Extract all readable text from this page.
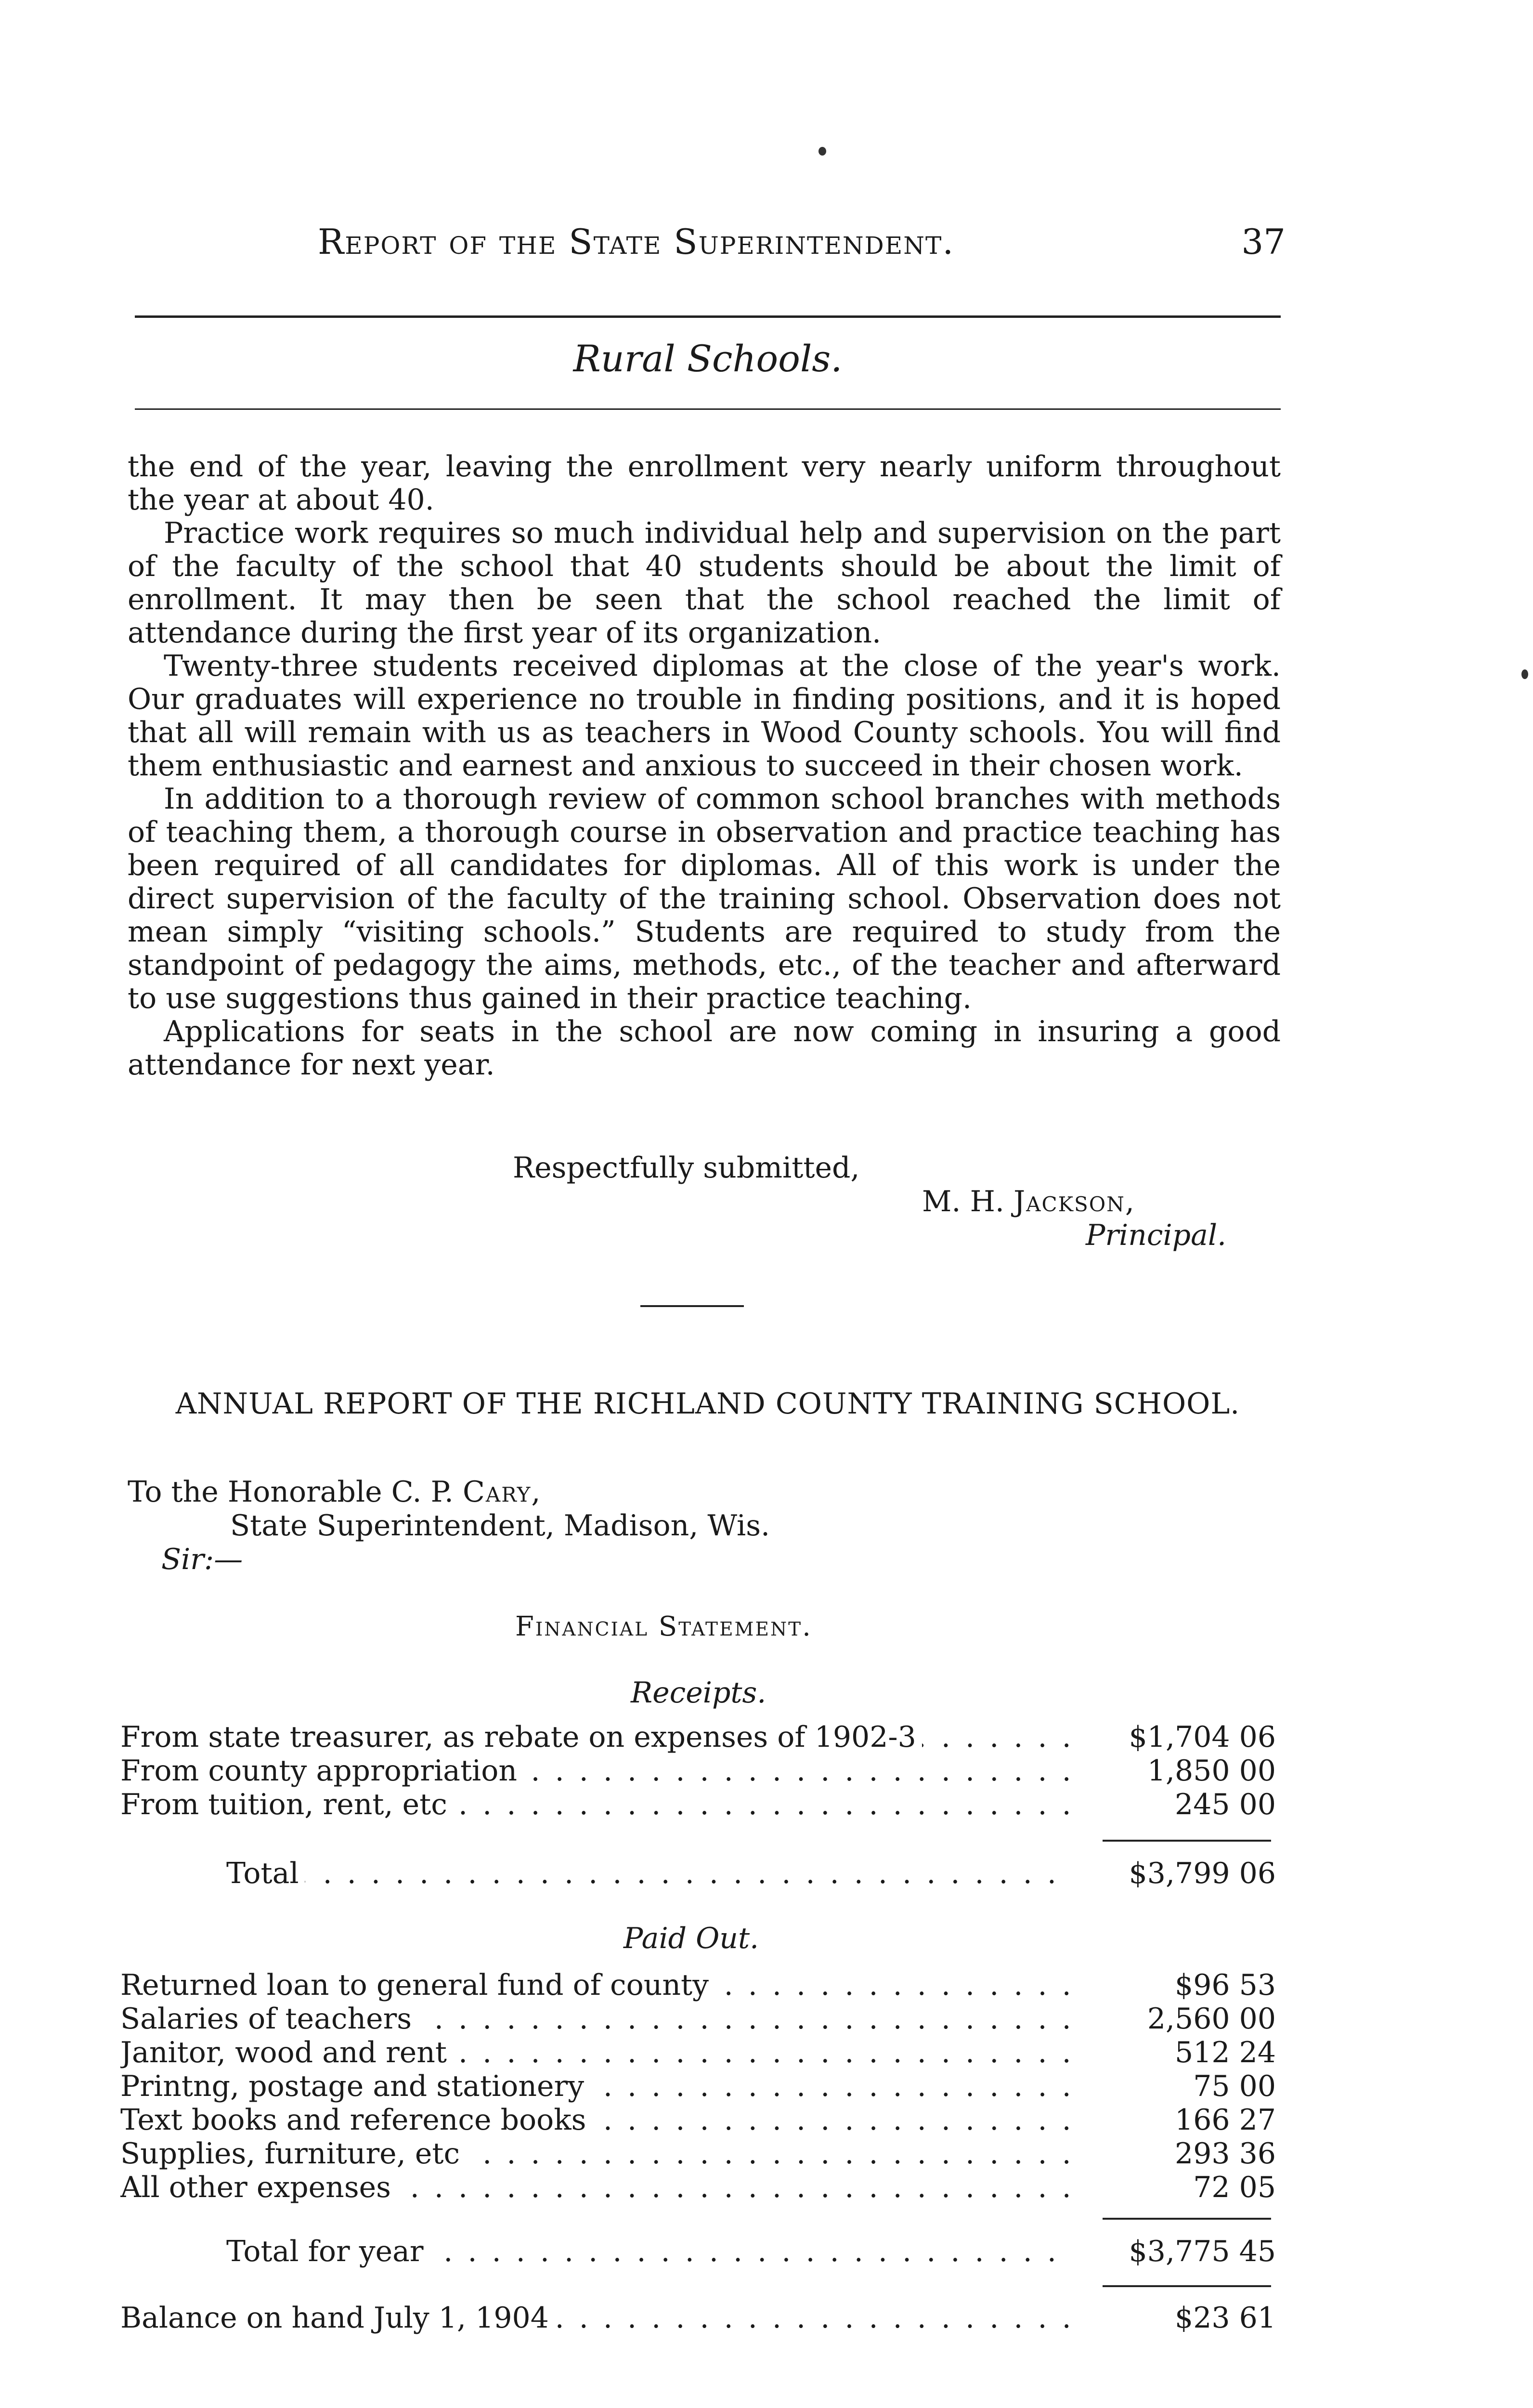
Report of the State Superintendent.	37
Rural Schools.

the end of the year, leaving the enrollment very nearly uniform throughout the year at about 40.

Practice work requires so much individual help and supervision on the part of the faculty of the school that 40 students should be about the limit of enrollment. It may then be seen that the school reached the limit of attendance during the first year of its organization.

Twenty-three students received diplomas at the close of the year's work. Our graduates will experience no trouble in finding positions, and it is hoped that all will remain with us as teachers in Wood County schools. You will find them enthusiastic and earnest and anxious to succeed in their chosen work.

In addition to a thorough review of common school branches with methods of teaching them, a thorough course in observation and practice teaching has been required of all candidates for diplomas. All of this work is under the direct supervision of the faculty of the training school. Observation does not mean simply “visiting schools.” Students are required to study from the standpoint of pedagogy the aims, methods, etc., of the teacher and afterward to use suggestions thus gained in their practice teaching.

Applications for seats in the school are now coming in insuring a good attendance for next year.

Respectfully submitted,
M. H. Jackson,
Principal.
ANNUAL REPORT OF THE RICHLAND COUNTY TRAINING SCHOOL.
To the Honorable C. P. Cary,
State Superintendent, Madison, Wis.
Sir:—
Financial Statement.
Receipts.
From state treasurer, as rebate on expenses of 1902-3 . . .	$1,704 06
From county appropriation . . .	1,850 00
From tuition, rent, etc . . .	245 00
Total . . .	$3,799 06
Paid Out.
Returned loan to general fund of county . . .	$96 53
Salaries of teachers . . .	2,560 00
Janitor, wood and rent . . .	512 24
Printng, postage and stationery . . .	75 00
Text books and reference books . . .	166 27
Supplies, furniture, etc . . .	293 36
All other expenses . . .	72 05
Total for year . . .	$3,775 45
Balance on hand July 1, 1904 . . .	$23 61
